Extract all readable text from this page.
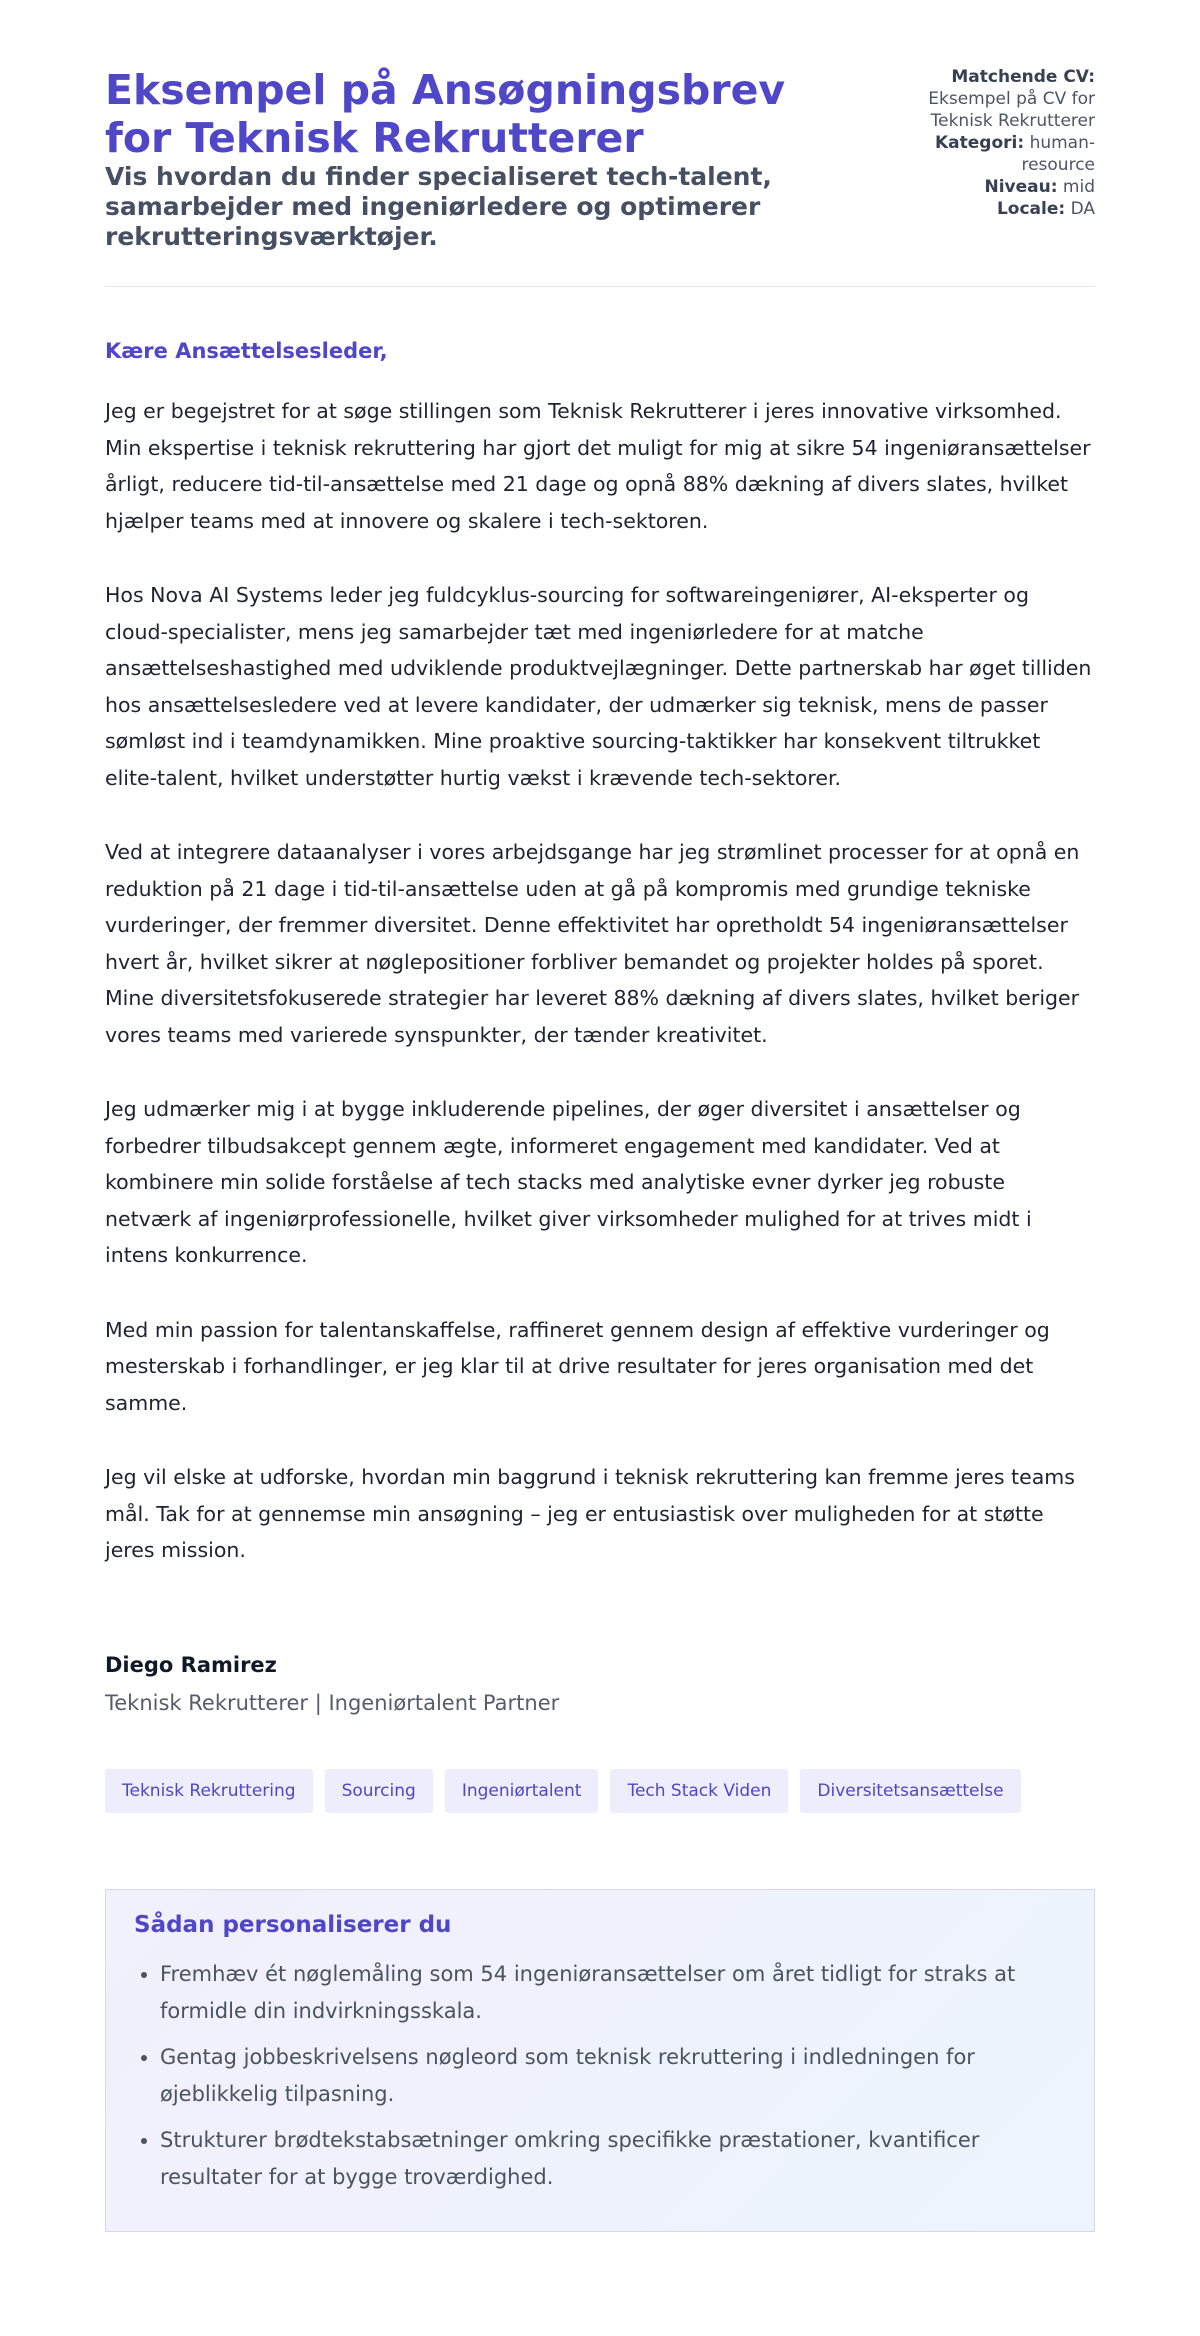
Eksempel på Ansøgningsbrev for Teknisk Rekrutterer

Vis hvordan du finder specialiseret tech-talent, samarbejder med ingeniørledere og optimerer rekrutteringsværktøjer.

Matchende CV:
Eksempel på CV for Teknisk Rekrutterer
Kategori: human-resource
Niveau: mid
Locale: DA
Kære Ansættelsesleder,

Jeg er begejstret for at søge stillingen som Teknisk Rekrutterer i jeres innovative virksomhed. Min ekspertise i teknisk rekruttering har gjort det muligt for mig at sikre 54 ingeniøransættelser årligt, reducere tid-til-ansættelse med 21 dage og opnå 88% dækning af divers slates, hvilket hjælper teams med at innovere og skalere i tech-sektoren.

Hos Nova AI Systems leder jeg fuldcyklus-sourcing for softwareingeniører, AI-eksperter og cloud-specialister, mens jeg samarbejder tæt med ingeniørledere for at matche ansættelseshastighed med udviklende produktvejlægninger. Dette partnerskab har øget tilliden hos ansættelsesledere ved at levere kandidater, der udmærker sig teknisk, mens de passer sømløst ind i teamdynamikken. Mine proaktive sourcing-taktikker har konsekvent tiltrukket elite-talent, hvilket understøtter hurtig vækst i krævende tech-sektorer.

Ved at integrere dataanalyser i vores arbejdsgange har jeg strømlinet processer for at opnå en reduktion på 21 dage i tid-til-ansættelse uden at gå på kompromis med grundige tekniske vurderinger, der fremmer diversitet. Denne effektivitet har opretholdt 54 ingeniøransættelser hvert år, hvilket sikrer at nøglepositioner forbliver bemandet og projekter holdes på sporet. Mine diversitetsfokuserede strategier har leveret 88% dækning af divers slates, hvilket beriger vores teams med varierede synspunkter, der tænder kreativitet.

Jeg udmærker mig i at bygge inkluderende pipelines, der øger diversitet i ansættelser og forbedrer tilbudsakcept gennem ægte, informeret engagement med kandidater. Ved at kombinere min solide forståelse af tech stacks med analytiske evner dyrker jeg robuste netværk af ingeniørprofessionelle, hvilket giver virksomheder mulighed for at trives midt i intens konkurrence.

Med min passion for talentanskaffelse, raffineret gennem design af effektive vurderinger og mesterskab i forhandlinger, er jeg klar til at drive resultater for jeres organisation med det samme.

Jeg vil elske at udforske, hvordan min baggrund i teknisk rekruttering kan fremme jeres teams mål. Tak for at gennemse min ansøgning – jeg er entusiastisk over muligheden for at støtte jeres mission.

Diego Ramirez

Teknisk Rekrutterer | Ingeniørtalent Partner

Teknisk Rekruttering	Sourcing	Ingeniørtalent	Tech Stack Viden	Diversitetsansættelse
Sådan personaliserer du
• Fremhæv ét nøglemåling som 54 ingeniøransættelser om året tidligt for straks at formidle din indvirkningsskala.
• Gentag jobbeskrivelsens nøgleord som teknisk rekruttering i indledningen for øjeblikkelig tilpasning.
• Strukturer brødtekstabsætninger omkring specifikke præstationer, kvantificer resultater for at bygge troværdighed.
